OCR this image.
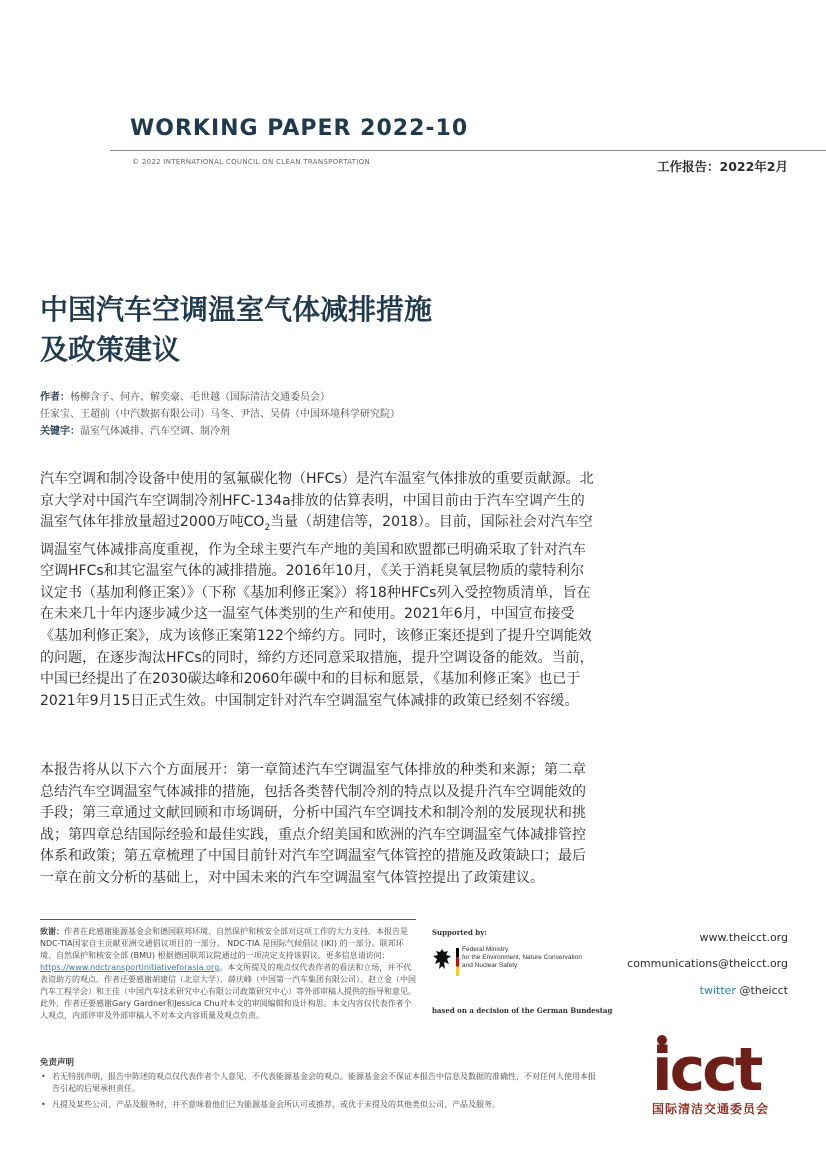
WORKING PAPER 2022-10
© 2022 INTERNATIONAL COUNCIL ON CLEAN TRANSPORTATION	工作报告：2022年2月
中国汽车空调温室气体减排措施
及政策建议
作者：杨柳含子、何卉、解奕豪、毛世越（国际清洁交通委员会）
任家宝、王超前（中汽数据有限公司）马冬、尹洁、吴倩（中国环境科学研究院）
关键字：温室气体减排、汽车空调、制冷剂

汽车空调和制冷设备中使用的氢氟碳化物（HFCs）是汽车温室气体排放的重要贡献源。北京大学对中国汽车空调制冷剂HFC-134a排放的估算表明，中国目前由于汽车空调产生的温室气体年排放量超过2000万吨$CO_2$当量（胡建信等，2018）。目前，国际社会对汽车空调温室气体减排高度重视，作为全球主要汽车产地的美国和欧盟都已明确采取了针对汽车空调HFCs和其它温室气体的减排措施。2016年10月，《关于消耗臭氧层物质的蒙特利尔议定书（基加利修正案）》（下称《基加利修正案》）将18种HFCs列入受控物质清单，旨在在未来几十年内逐步减少这一温室气体类别的生产和使用。2021年6月，中国宣布接受《基加利修正案》，成为该修正案第122个缔约方。同时，该修正案还提到了提升空调能效的问题，在逐步淘汰HFCs的同时，缔约方还同意采取措施，提升空调设备的能效。当前，中国已经提出了在2030碳达峰和2060年碳中和的目标和愿景，《基加利修正案》也已于2021年9月15日正式生效。中国制定针对汽车空调温室气体减排的政策已经刻不容缓。

本报告将从以下六个方面展开：第一章简述汽车空调温室气体排放的种类和来源；第二章总结汽车空调温室气体减排的措施，包括各类替代制冷剂的特点以及提升汽车空调能效的手段；第三章通过文献回顾和市场调研，分析中国汽车空调技术和制冷剂的发展现状和挑战；第四章总结国际经验和最佳实践，重点介绍美国和欧洲的汽车空调温室气体减排管控体系和政策；第五章梳理了中国目前针对汽车空调温室气体管控的措施及政策缺口；最后一章在前文分析的基础上，对中国未来的汽车空调温室气体管控提出了政策建议。

致谢：作者在此感谢能源基金会和德国联邦环境、自然保护和核安全部对这项工作的大力支持。本报告是 NDC-TIA国家自主贡献亚洲交通倡议项目的一部分。 NDC-TIA 是国际气候倡议 (IKI) 的一部分。联邦环境、自然保护和核安全部 (BMU) 根据德国联邦议院通过的一项决定支持该倡议。更多信息请访问：https://www.ndctransportinitiativeforasia.org。本文所提及的观点仅代表作者的看法和立场，并不代表资助方的观点。作者还要感谢胡建信（北京大学）、薛庆峰（中国第一汽车集团有限公司）、赵立金（中国汽车工程学会）和王佳（中国汽车技术研究中心有限公司政策研究中心）等外部审稿人提供的指导和意见。此外，作者还要感谢Gary Gardner和Jessica Chu对本文的审阅编辑和设计构思。本文内容仅代表作者个人观点，内部评审及外部审稿人不对本文内容质量及观点负责。
免责声明
• 若无特别声明，报告中陈述的观点仅代表作者个人意见，不代表能源基金会的观点。能源基金会不保证本报告中信息及数据的准确性，不对任何人使用本报告引起的后果承担责任。
• 凡提及某些公司、产品及服务时，并不意味着他们已为能源基金会所认可或推荐，或优于未提及的其他类似公司、产品及服务。
Supported by:
Federal Ministry
for the Environment, Nature Conservation
and Nuclear Safety
based on a decision of the German Bundestag
www.theicct.org
communications@theicct.org
twitter @theicct
icct
国际清洁交通委员会
